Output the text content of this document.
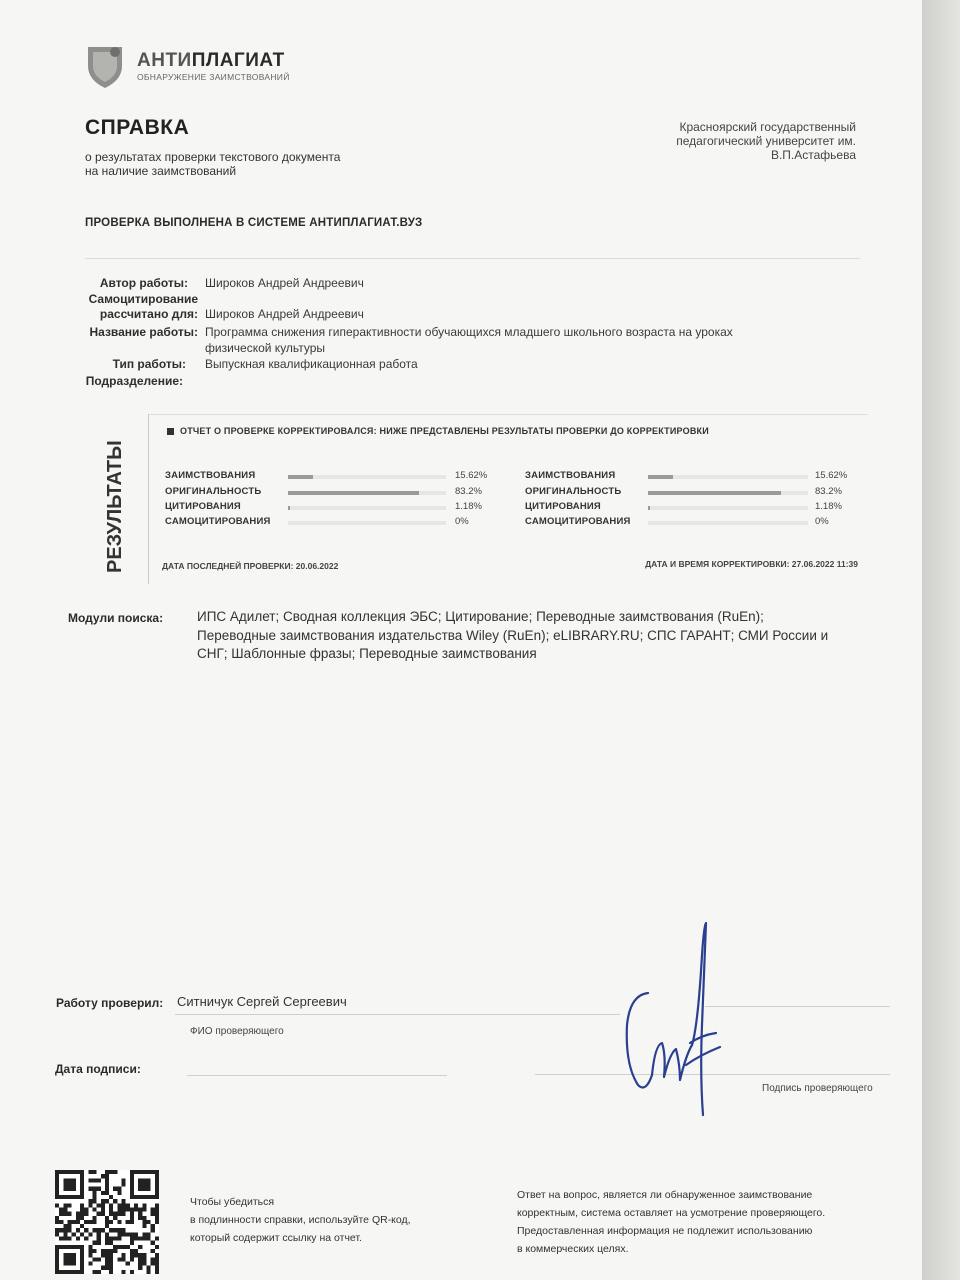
АНТИПЛАГИАТ
ОБНАРУЖЕНИЕ ЗАИМСТВОВАНИЙ
СПРАВКА
о результатах проверки текстового документа
на наличие заимствований
Красноярский государственный
педагогический университет им.
В.П.Астафьева
ПРОВЕРКА ВЫПОЛНЕНА В СИСТЕМЕ АНТИПЛАГИАТ.ВУЗ
Автор работы: Широков Андрей Андреевич
Самоцитирование
рассчитано для: Широков Андрей Андреевич
Название работы: Программа снижения гиперактивности обучающихся младшего школьного возраста на уроках
физической культуры
Тип работы: Выпускная квалификационная работа
Подразделение:
РЕЗУЛЬТАТЫ
ОТЧЕТ О ПРОВЕРКЕ КОРРЕКТИРОВАЛСЯ: НИЖЕ ПРЕДСТАВЛЕНЫ РЕЗУЛЬТАТЫ ПРОВЕРКИ ДО КОРРЕКТИРОВКИ
ЗАИМСТВОВАНИЯ	15.62%
ОРИГИНАЛЬНОСТЬ	83.2%
ЦИТИРОВАНИЯ	1.18%
САМОЦИТИРОВАНИЯ	0%
ЗАИМСТВОВАНИЯ	15.62%
ОРИГИНАЛЬНОСТЬ	83.2%
ЦИТИРОВАНИЯ	1.18%
САМОЦИТИРОВАНИЯ	0%
ДАТА ПОСЛЕДНЕЙ ПРОВЕРКИ: 20.06.2022	ДАТА И ВРЕМЯ КОРРЕКТИРОВКИ: 27.06.2022 11:39
Модули поиска:	ИПС Адилет; Сводная коллекция ЭБС; Цитирование; Переводные заимствования (RuEn);
Переводные заимствования издательства Wiley (RuEn); eLIBRARY.RU; СПС ГАРАНТ; СМИ России и
СНГ; Шаблонные фразы; Переводные заимствования
Работу проверил: Ситничук Сергей Сергеевич
ФИО проверяющего
Дата подписи:
Подпись проверяющего
Чтобы убедиться
в подлинности справки, используйте QR-код,
который содержит ссылку на отчет.
Ответ на вопрос, является ли обнаруженное заимствование
корректным, система оставляет на усмотрение проверяющего.
Предоставленная информация не подлежит использованию
в коммерческих целях.
